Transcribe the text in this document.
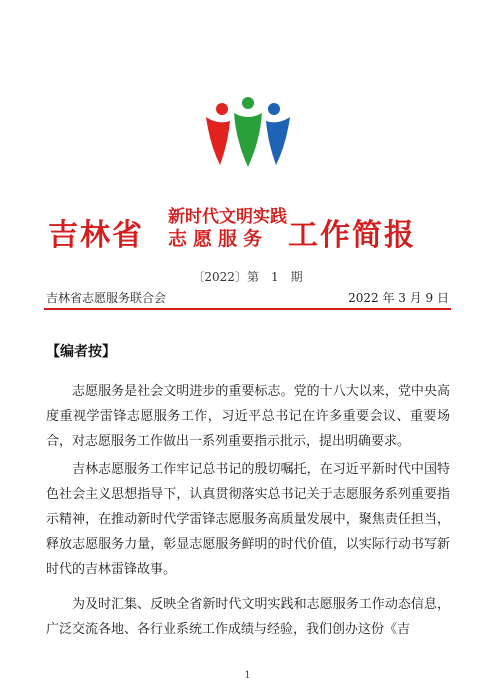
吉林省
新时代文明实践
志愿服务 工作简报
〔2022〕第　1　期
吉林省志愿服务联合会	2022 年 3 月 9 日
【编者按】

志愿服务是社会文明进步的重要标志。党的十八大以来，党中央高度重视学雷锋志愿服务工作，习近平总书记在许多重要会议、重要场合，对志愿服务工作做出一系列重要指示批示，提出明确要求。

吉林志愿服务工作牢记总书记的殷切嘱托，在习近平新时代中国特色社会主义思想指导下，认真贯彻落实总书记关于志愿服务系列重要指示精神，在推动新时代学雷锋志愿服务高质量发展中，聚焦责任担当，释放志愿服务力量，彰显志愿服务鲜明的时代价值，以实际行动书写新时代的吉林雷锋故事。

为及时汇集、反映全省新时代文明实践和志愿服务工作动态信息，广泛交流各地、各行业系统工作成绩与经验，我们创办这份《吉

1
